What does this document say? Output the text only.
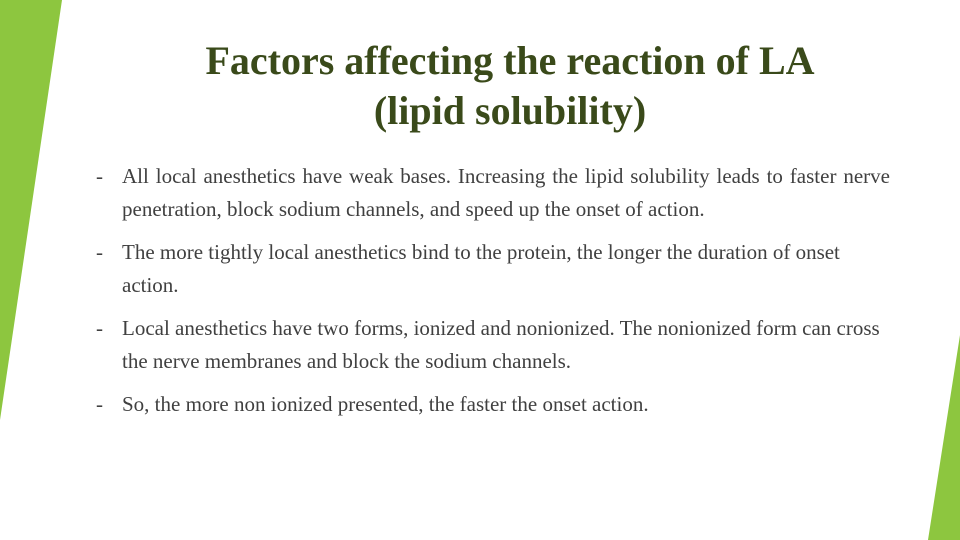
Factors affecting the reaction of LA
(lipid solubility)
- All local anesthetics have weak bases. Increasing the lipid solubility leads to faster nerve penetration, block sodium channels, and speed up the onset of action.
- The more tightly local anesthetics bind to the protein, the longer the duration of onset action.
- Local anesthetics have two forms, ionized and nonionized. The nonionized form can cross the nerve membranes and block the sodium channels.
- So, the more non ionized presented, the faster the onset action.
